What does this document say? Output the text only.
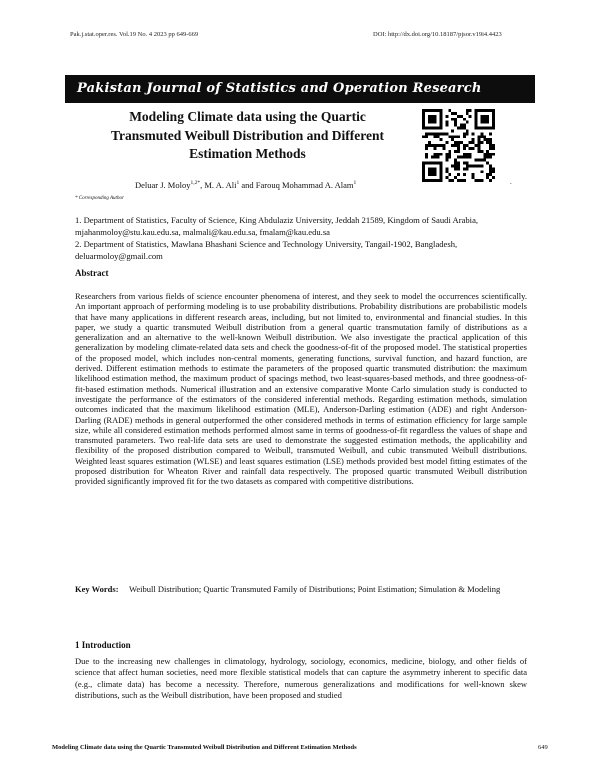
Pak.j.stat.oper.res. Vol.19 No. 4 2023 pp 649-669	DOI: http://dx.doi.org/10.18187/pjsor.v19i4.4423
Pakistan Journal of Statistics and Operation Research
Modeling Climate data using the Quartic
Transmuted Weibull Distribution and Different
Estimation Methods
.
Deluar J. Moloy$^{1,2*}$, M. A. Ali$^1$ and Farouq Mohammad A. Alam$^1$
* Corresponding Author
1. Department of Statistics, Faculty of Science, King Abdulaziz University, Jeddah 21589, Kingdom of Saudi Arabia, mjahanmoloy@stu.kau.edu.sa, malmali@kau.edu.sa, fmalam@kau.edu.sa
2. Department of Statistics, Mawlana Bhashani Science and Technology University, Tangail-1902, Bangladesh, deluarmoloy@gmail.com
Abstract
Researchers from various fields of science encounter phenomena of interest, and they seek to model the occurrences scientifically. An important approach of performing modeling is to use probability distributions. Probability distributions are probabilistic models that have many applications in different research areas, including, but not limited to, environmental and financial studies. In this paper, we study a quartic transmuted Weibull distribution from a general quartic transmutation family of distributions as a generalization and an alternative to the well-known Weibull distribution. We also investigate the practical application of this generalization by modeling climate-related data sets and check the goodness-of-fit of the proposed model. The statistical properties of the proposed model, which includes non-central moments, generating functions, survival function, and hazard function, are derived. Different estimation methods to estimate the parameters of the proposed quartic transmuted distribution: the maximum likelihood estimation method, the maximum product of spacings method, two least-squares-based methods, and three goodness-of-fit-based estimation methods. Numerical illustration and an extensive comparative Monte Carlo simulation study is conducted to investigate the performance of the estimators of the considered inferential methods. Regarding estimation methods, simulation outcomes indicated that the maximum likelihood estimation (MLE), Anderson-Darling estimation (ADE) and right Anderson-Darling (RADE) methods in general outperformed the other considered methods in terms of estimation efficiency for large sample size, while all considered estimation methods performed almost same in terms of goodness-of-fit regardless the values of shape and transmuted parameters. Two real-life data sets are used to demonstrate the suggested estimation methods, the applicability and flexibility of the proposed distribution compared to Weibull, transmuted Weibull, and cubic transmuted Weibull distributions. Weighted least squares estimation (WLSE) and least squares estimation (LSE) methods provided best model fitting estimates of the proposed distribution for Wheaton River and rainfall data respectively. The proposed quartic transmuted Weibull distribution provided significantly improved fit for the two datasets as compared with competitive distributions.
Key Words: Weibull Distribution; Quartic Transmuted Family of Distributions; Point Estimation; Simulation & Modeling
1 Introduction
Due to the increasing new challenges in climatology, hydrology, sociology, economics, medicine, biology, and other fields of science that affect human societies, need more flexible statistical models that can capture the asymmetry inherent to specific data (e.g., climate data) has become a necessity. Therefore, numerous generalizations and modifications for well-known skew distributions, such as the Weibull distribution, have been proposed and studied
Modeling Climate data using the Quartic Transmuted Weibull Distribution and Different Estimation Methods	649
